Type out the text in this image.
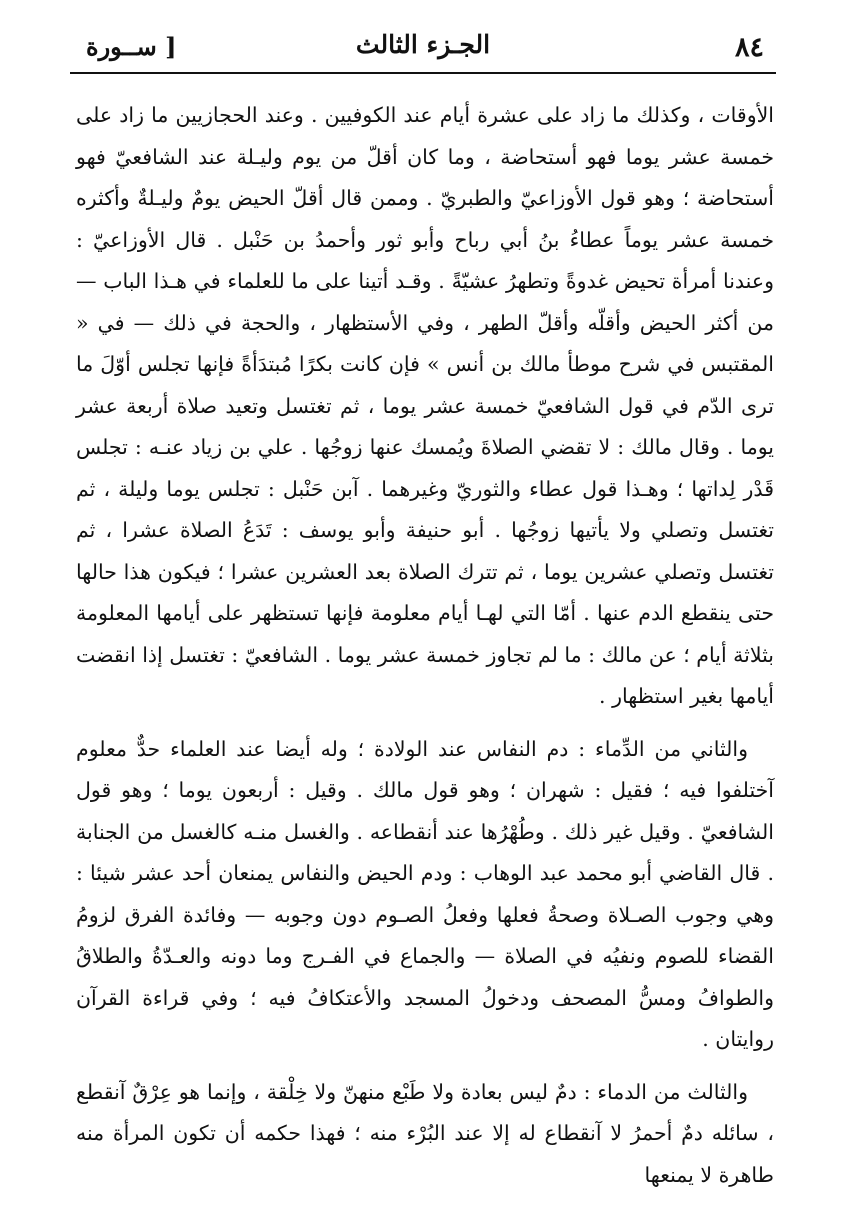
٨٤
الجـزء الثالث
[ ســورة

الأوقات ، وكذلك ما زاد على عشرة أيام عند الكوفيين . وعند الحجازيين ما زاد على خمسة عشر يوما فهو أستحاضة ، وما كان أقلّ من يوم وليـلة عند الشافعيّ فهو أستحاضة ؛ وهو قول الأوزاعيّ والطبريّ . وممن قال أقلّ الحيض يومٌ وليـلةٌ وأكثره خمسة عشر يوماً عطاءُ بنُ أبي رباح وأبو ثور وأحمدُ بن حَنْبل . قال الأوزاعيّ : وعندنا أمرأة تحيض غدوةً وتطهرُ عشيّةً . وقـد أتينا على ما للعلماء في هـذا الباب — من أكثر الحيض وأقلّه وأقلّ الطهر ، وفي الأستظهار ، والحجة في ذلك — في « المقتبس في شرح موطأ مالك بن أنس » فإن كانت بكرًا مُبتدَأةً فإنها تجلس أوّلَ ما ترى الدّم في قول الشافعيّ خمسة عشر يوما ، ثم تغتسل وتعيد صلاة أربعة عشر يوما . وقال مالك : لا تقضي الصلاةَ ويُمسك عنها زوجُها . علي بن زياد عنـه : تجلس قَدْر لِداتها ؛ وهـذا قول عطاء والثوريّ وغيرهما . آبن حَنْبل : تجلس يوما وليلة ، ثم تغتسل وتصلي ولا يأتيها زوجُها . أبو حنيفة وأبو يوسف : تَدَعُ الصلاة عشرا ، ثم تغتسل وتصلي عشرين يوما ، ثم تترك الصلاة بعد العشرين عشرا ؛ فيكون هذا حالها حتى ينقطع الدم عنها . أمّا التي لهـا أيام معلومة فإنها تستظهر على أيامها المعلومة بثلاثة أيام ؛ عن مالك : ما لم تجاوز خمسة عشر يوما . الشافعيّ : تغتسل إذا انقضت أيامها بغير استظهار .

والثاني من الدِّماء : دم النفاس عند الولادة ؛ وله أيضا عند العلماء حدٌّ معلوم آختلفوا فيه ؛ فقيل : شهران ؛ وهو قول مالك . وقيل : أربعون يوما ؛ وهو قول الشافعيّ . وقيل غير ذلك . وطُهْرُها عند أنقطاعه . والغسل منـه كالغسل من الجنابة . قال القاضي أبو محمد عبد الوهاب : ودم الحيض والنفاس يمنعان أحد عشر شيئا : وهي وجوب الصـلاة وصحةُ فعلها وفعلُ الصـوم دون وجوبه — وفائدة الفرق لزومُ القضاء للصوم ونفيُه في الصلاة — والجماع في الفـرج وما دونه والعـدّةُ والطلاقُ والطوافُ ومسُّ المصحف ودخولُ المسجد والأعتكافُ فيه ؛ وفي قراءة القرآن روايتان .

والثالث من الدماء : دمٌ ليس بعادة ولا طَبْع منهنّ ولا خِلْقة ، وإنما هو عِرْقٌ آنقطع ، سائله دمٌ أحمرُ لا آنقطاع له إلا عند البُرْء منه ؛ فهذا حكمه أن تكون المرأة منه طاهرة لا يمنعها
